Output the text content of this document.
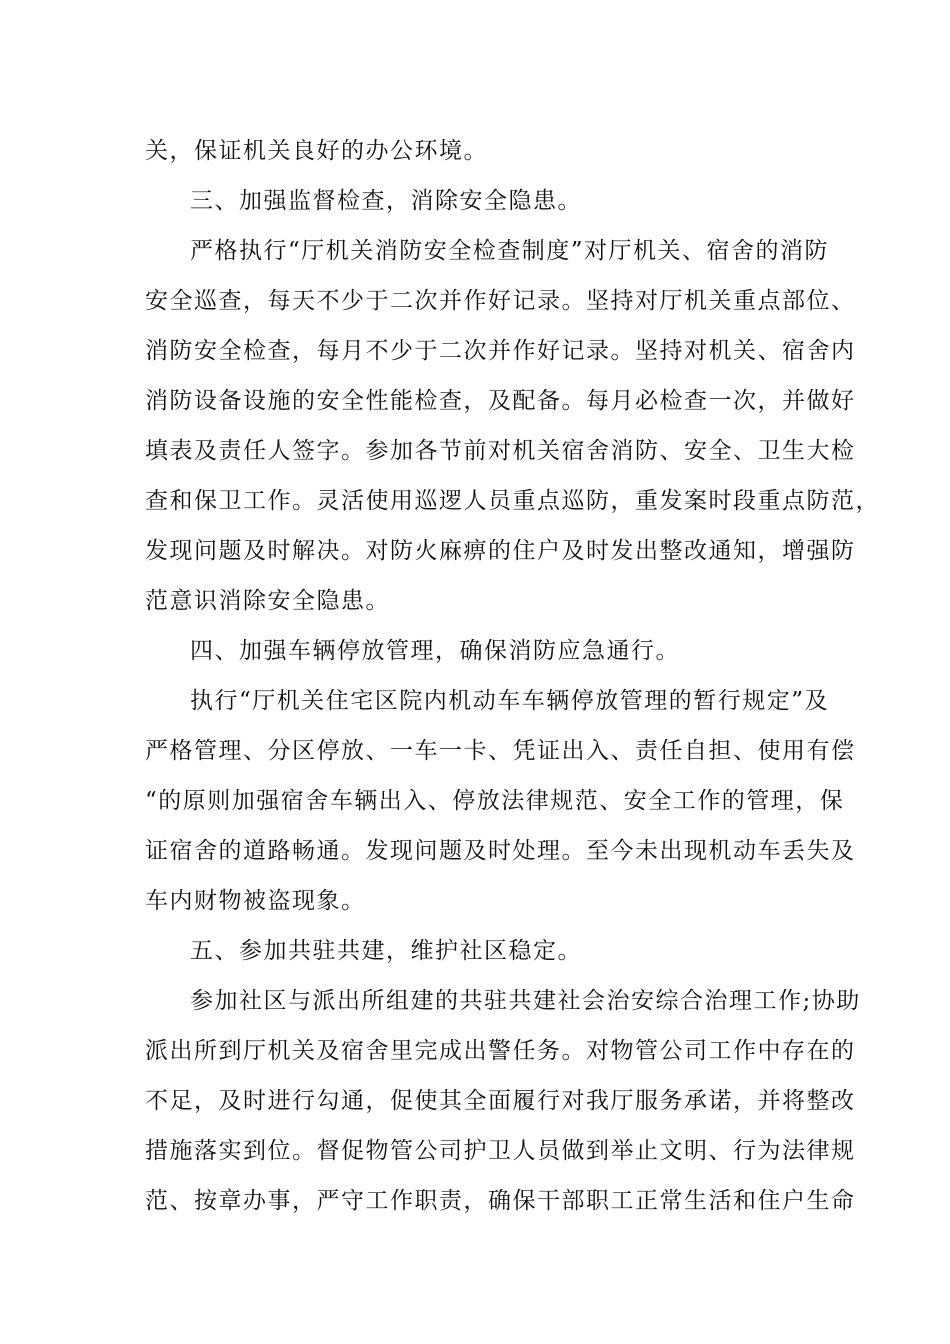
关，保证机关良好的办公环境。
三、加强监督检查，消除安全隐患。
严格执行“厅机关消防安全检查制度”对厅机关、宿舍的消防
安全巡查，每天不少于二次并作好记录。坚持对厅机关重点部位、
消防安全检查，每月不少于二次并作好记录。坚持对机关、宿舍内
消防设备设施的安全性能检查，及配备。每月必检查一次，并做好
填表及责任人签字。参加各节前对机关宿舍消防、安全、卫生大检
查和保卫工作。灵活使用巡逻人员重点巡防，重发案时段重点防范，
发现问题及时解决。对防火麻痹的住户及时发出整改通知，增强防
范意识消除安全隐患。
四、加强车辆停放管理，确保消防应急通行。
执行“厅机关住宅区院内机动车车辆停放管理的暂行规定”及
严格管理、分区停放、一车一卡、凭证出入、责任自担、使用有偿
“的原则加强宿舍车辆出入、停放法律规范、安全工作的管理，保
证宿舍的道路畅通。发现问题及时处理。至今未出现机动车丢失及
车内财物被盗现象。
五、参加共驻共建，维护社区稳定。
参加社区与派出所组建的共驻共建社会治安综合治理工作;协助
派出所到厅机关及宿舍里完成出警任务。对物管公司工作中存在的
不足，及时进行勾通，促使其全面履行对我厅服务承诺，并将整改
措施落实到位。督促物管公司护卫人员做到举止文明、行为法律规
范、按章办事，严守工作职责，确保干部职工正常生活和住户生命
